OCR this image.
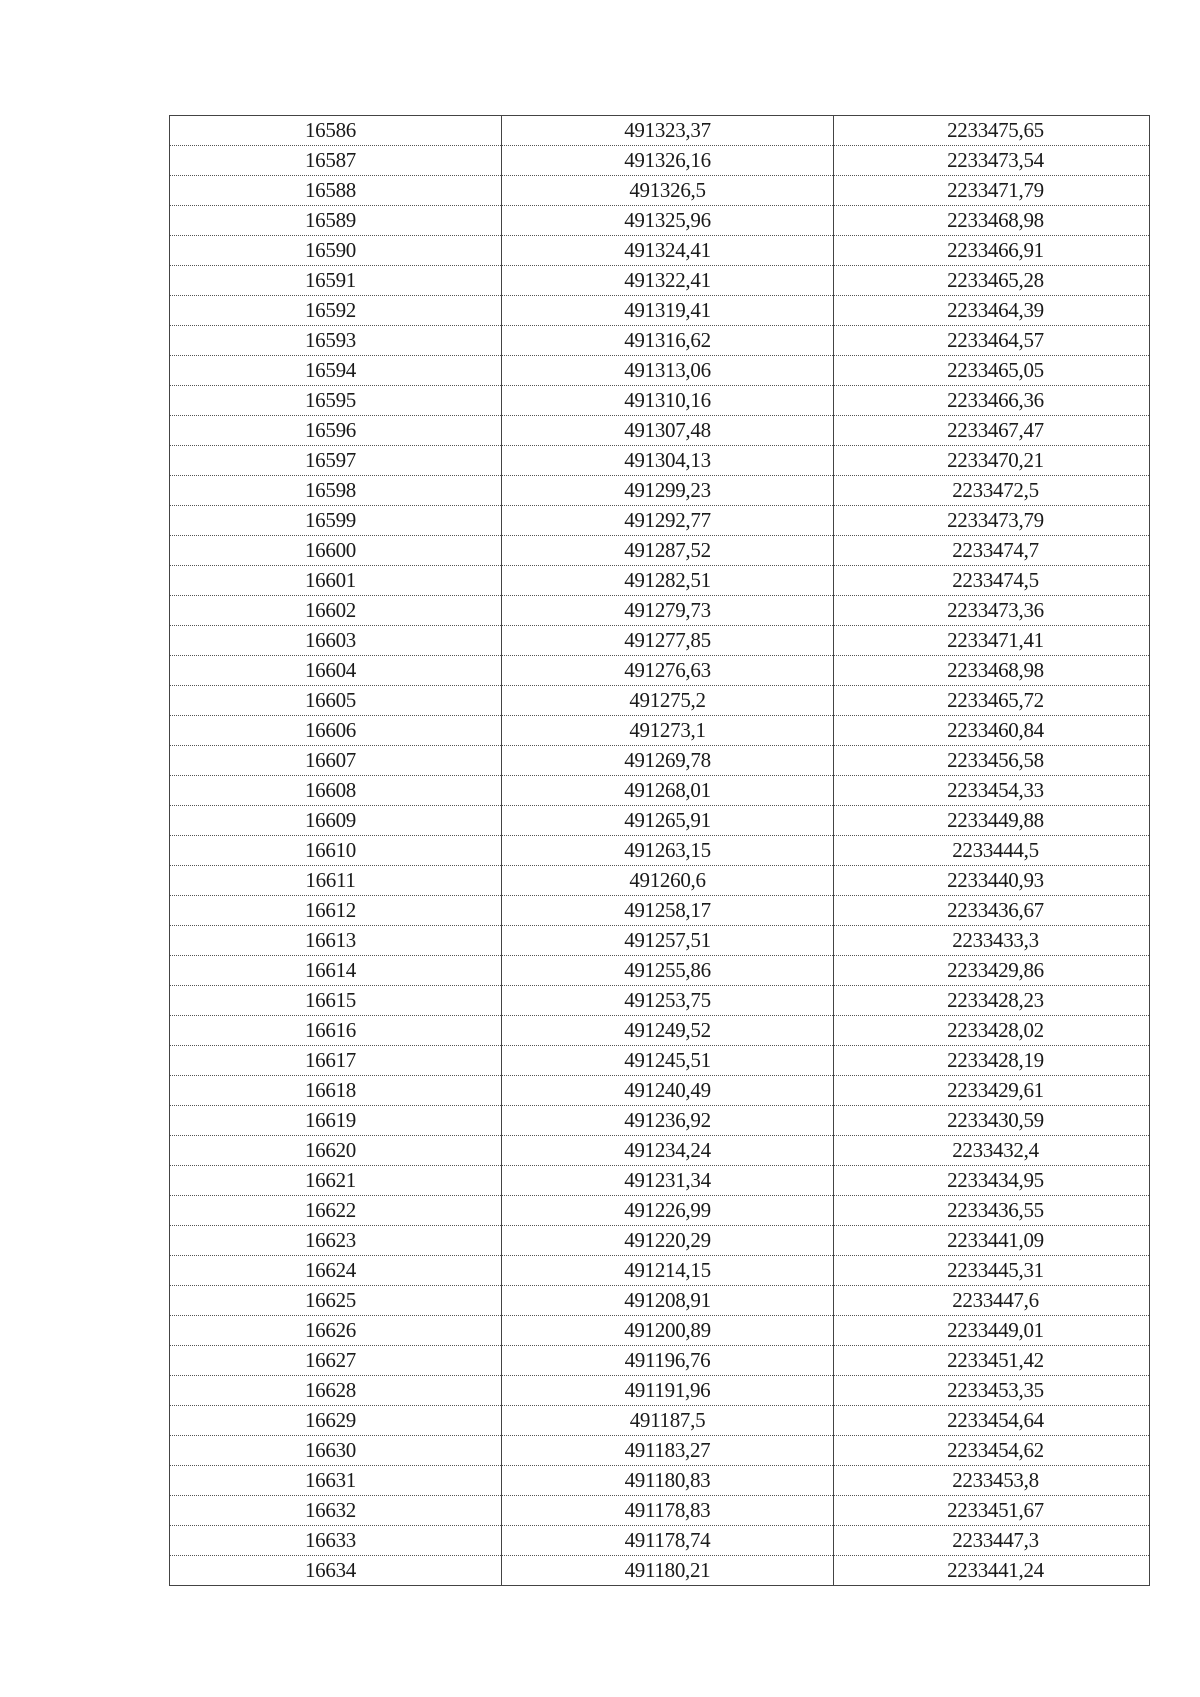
16586	491323,37	2233475,65
16587	491326,16	2233473,54
16588	491326,5	2233471,79
16589	491325,96	2233468,98
16590	491324,41	2233466,91
16591	491322,41	2233465,28
16592	491319,41	2233464,39
16593	491316,62	2233464,57
16594	491313,06	2233465,05
16595	491310,16	2233466,36
16596	491307,48	2233467,47
16597	491304,13	2233470,21
16598	491299,23	2233472,5
16599	491292,77	2233473,79
16600	491287,52	2233474,7
16601	491282,51	2233474,5
16602	491279,73	2233473,36
16603	491277,85	2233471,41
16604	491276,63	2233468,98
16605	491275,2	2233465,72
16606	491273,1	2233460,84
16607	491269,78	2233456,58
16608	491268,01	2233454,33
16609	491265,91	2233449,88
16610	491263,15	2233444,5
16611	491260,6	2233440,93
16612	491258,17	2233436,67
16613	491257,51	2233433,3
16614	491255,86	2233429,86
16615	491253,75	2233428,23
16616	491249,52	2233428,02
16617	491245,51	2233428,19
16618	491240,49	2233429,61
16619	491236,92	2233430,59
16620	491234,24	2233432,4
16621	491231,34	2233434,95
16622	491226,99	2233436,55
16623	491220,29	2233441,09
16624	491214,15	2233445,31
16625	491208,91	2233447,6
16626	491200,89	2233449,01
16627	491196,76	2233451,42
16628	491191,96	2233453,35
16629	491187,5	2233454,64
16630	491183,27	2233454,62
16631	491180,83	2233453,8
16632	491178,83	2233451,67
16633	491178,74	2233447,3
16634	491180,21	2233441,24
